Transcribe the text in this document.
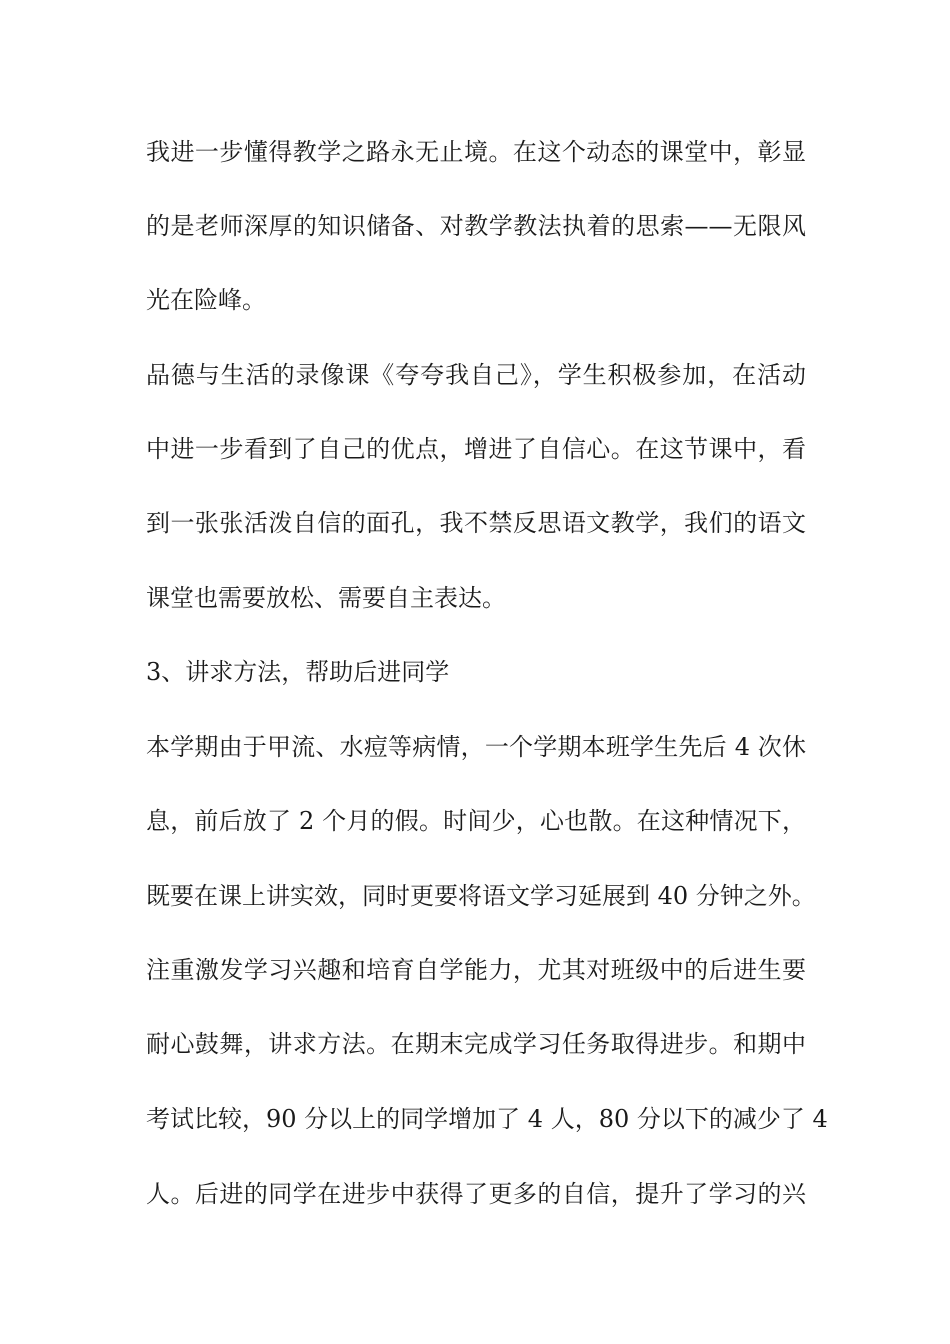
我进一步懂得教学之路永无止境。在这个动态的课堂中，彰显
的是老师深厚的知识储备、对教学教法执着的思索——无限风
光在险峰。
品德与生活的录像课《夸夸我自己》，学生积极参加，在活动
中进一步看到了自己的优点，增进了自信心。在这节课中，看
到一张张活泼自信的面孔，我不禁反思语文教学，我们的语文
课堂也需要放松、需要自主表达。
3、讲求方法，帮助后进同学
本学期由于甲流、水痘等病情，一个学期本班学生先后 4 次休
息，前后放了 2 个月的假。时间少，心也散。在这种情况下，
既要在课上讲实效，同时更要将语文学习延展到 40 分钟之外。
注重激发学习兴趣和培育自学能力，尤其对班级中的后进生要
耐心鼓舞，讲求方法。在期末完成学习任务取得进步。和期中
考试比较，90 分以上的同学增加了 4 人，80 分以下的减少了 4
人。后进的同学在进步中获得了更多的自信，提升了学习的兴
